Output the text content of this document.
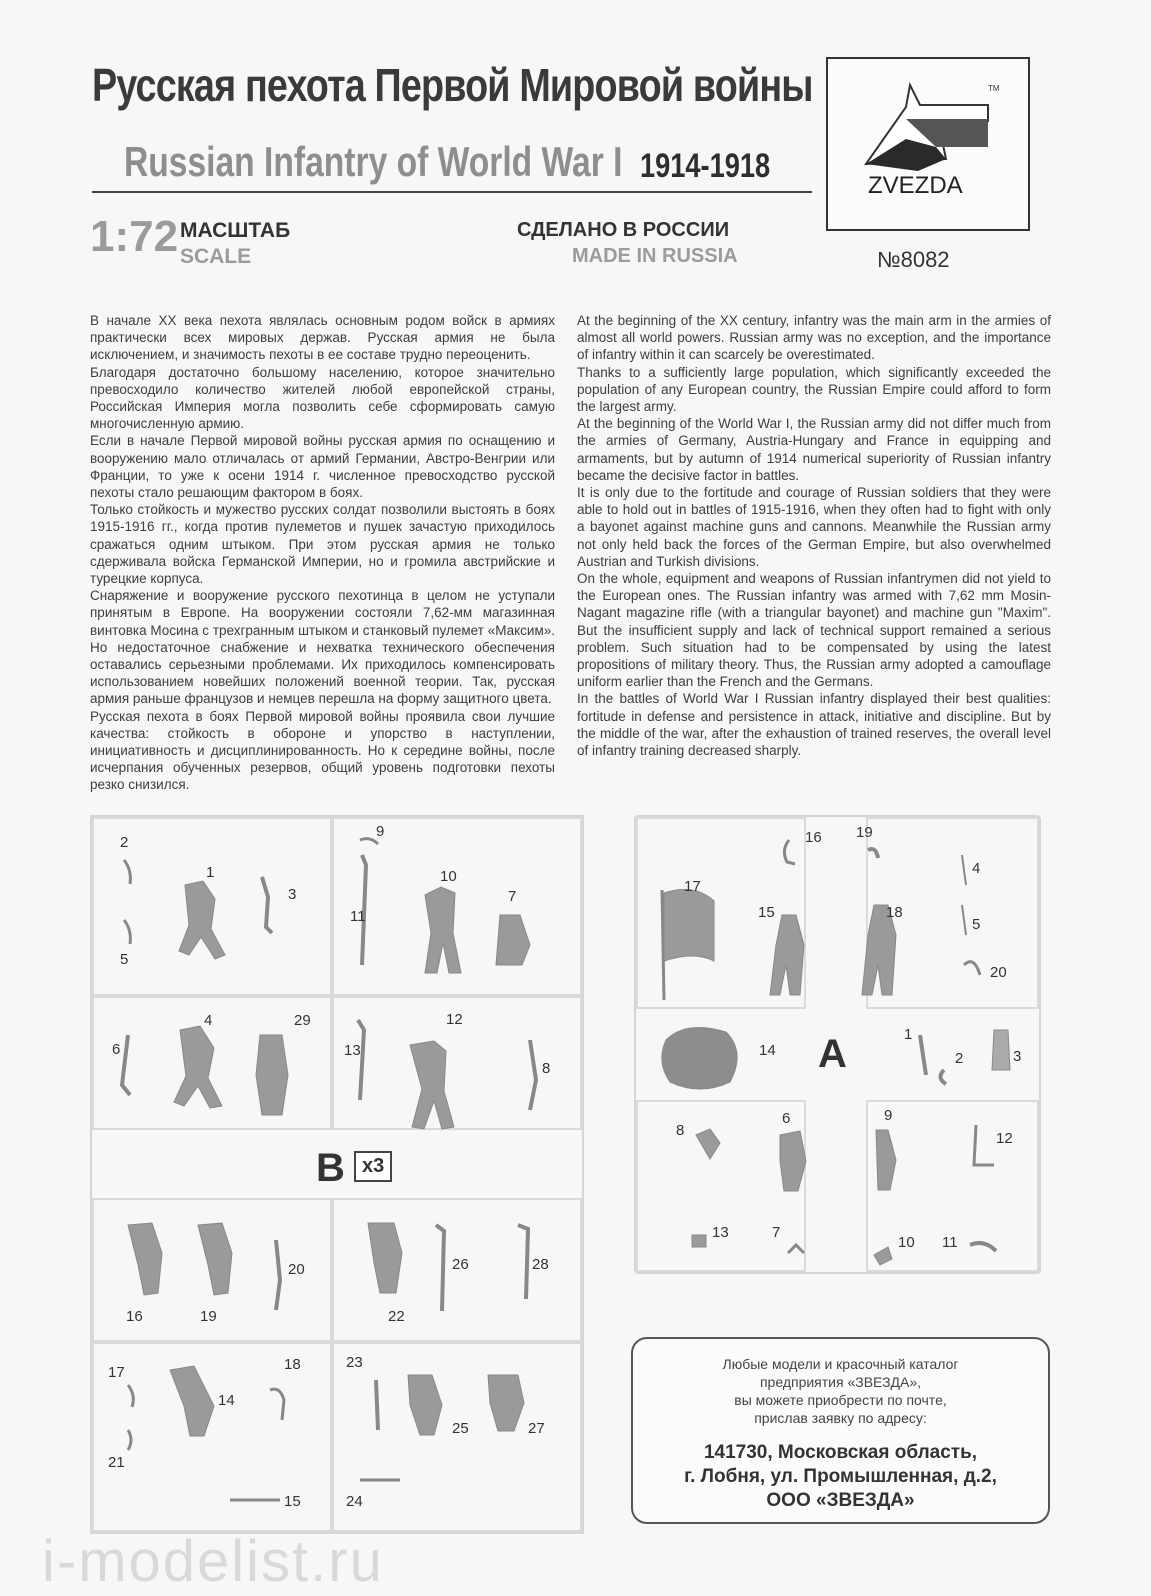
Русская пехота Первой Мировой войны
Russian Infantry of World War I 1914-1918
TM
ZVEZDA
1:72 МАСШТАБ
SCALE
СДЕЛАНО В РОССИИ
MADE IN RUSSIA	№8082

В начале XX века пехота являлась основным родом войск в армиях практически всех мировых держав. Русская армия не была исключением, и значимость пехоты в ее составе трудно переоценить.

Благодаря достаточно большому населению, которое значительно превосходило количество жителей любой европейской страны, Российская Империя могла позволить себе сформировать самую многочисленную армию.

Если в начале Первой мировой войны русская армия по оснащению и вооружению мало отличалась от армий Германии, Австро-Венгрии или Франции, то уже к осени 1914 г. численное превосходство русской пехоты стало решающим фактором в боях.

Только стойкость и мужество русских солдат позволили выстоять в боях 1915-1916 гг., когда против пулеметов и пушек зачастую приходилось сражаться одним штыком. При этом русская армия не только сдерживала войска Германской Империи, но и громила австрийские и турецкие корпуса.

Снаряжение и вооружение русского пехотинца в целом не уступали принятым в Европе. На вооружении состояли 7,62-мм магазинная винтовка Мосина с трехгранным штыком и станковый пулемет «Максим». Но недостаточное снабжение и нехватка технического обеспечения оставались серьезными проблемами. Их приходилось компенсировать использованием новейших положений военной теории. Так, русская армия раньше французов и немцев перешла на форму защитного цвета.

Русская пехота в боях Первой мировой войны проявила свои лучшие качества: стойкость в обороне и упорство в наступлении, инициативность и дисциплинированность. Но к середине войны, после исчерпания обученных резервов, общий уровень подготовки пехоты резко снизился.

At the beginning of the XX century, infantry was the main arm in the armies of almost all world powers. Russian army was no exception, and the importance of infantry within it can scarcely be overestimated.

Thanks to a sufficiently large population, which significantly exceeded the population of any European country, the Russian Empire could afford to form the largest army.

At the beginning of the World War I, the Russian army did not differ much from the armies of Germany, Austria-Hungary and France in equipping and armaments, but by autumn of 1914 numerical superiority of Russian infantry became the decisive factor in battles.

It is only due to the fortitude and courage of Russian soldiers that they were able to hold out in battles of 1915-1916, when they often had to fight with only a bayonet against machine guns and cannons. Meanwhile the Russian army not only held back the forces of the German Empire, but also overwhelmed Austrian and Turkish divisions.

On the whole, equipment and weapons of Russian infantrymen did not yield to the European ones. The Russian infantry was armed with 7,62 mm Mosin-Nagant magazine rifle (with a triangular bayonet) and machine gun "Maxim". But the insufficient supply and lack of technical support remained a serious problem. Such situation had to be compensated by using the latest propositions of military theory. Thus, the Russian army adopted a camouflage uniform earlier than the French and the Germans.

In the battles of World War I Russian infantry displayed their best qualities: fortitude in defense and persistence in attack, initiative and discipline. But by the middle of the war, after the exhaustion of trained reserves, the overall level of infantry training decreased sharply.

B x3
2
1
3
5
9
10
11
7
6
4	29
13
12
8
20
16	19	22
26	28
17	18
14
23
25	27
21
15	24
A
16 19
4
17
15	18
5
20
14
1
2	3
8
6	9
12
13	7
10 11
Любые модели и красочный каталог
предприятия «ЗВЕЗДА»,
вы можете приобрести по почте,
прислав заявку по адресу:
141730, Московская область,
г. Лобня, ул. Промышленная, д.2,
ООО «ЗВЕЗДА»
i-modelist.ru
